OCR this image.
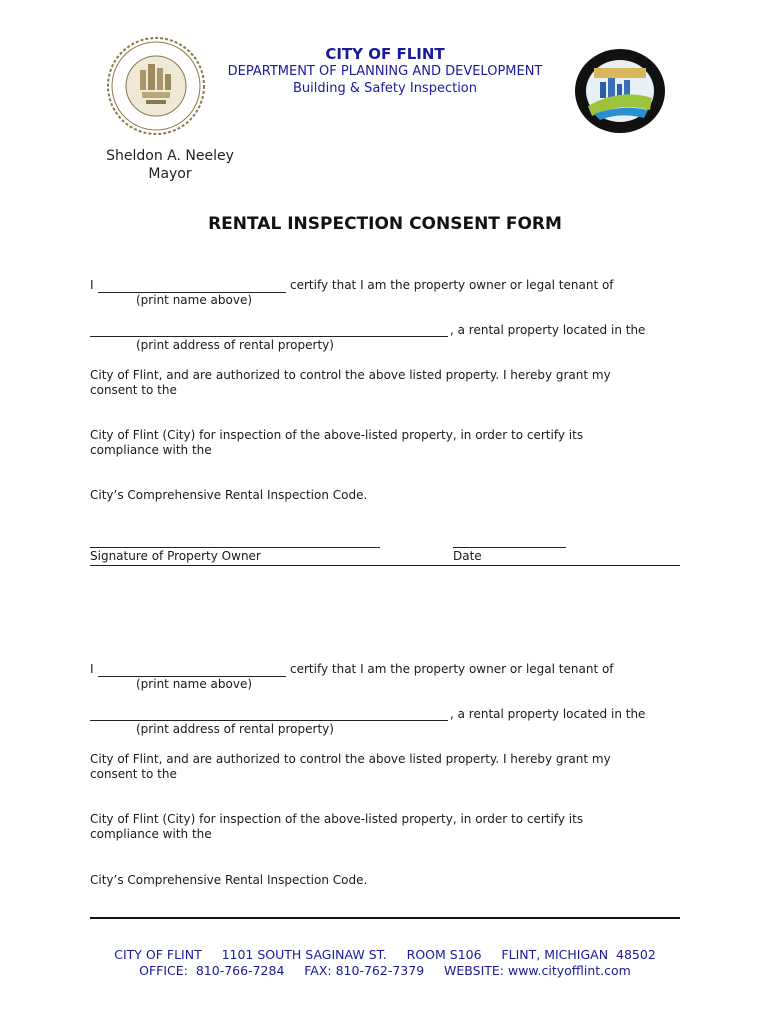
CITY OF FLINT
DEPARTMENT OF PLANNING AND DEVELOPMENT
Building & Safety Inspection
Sheldon A. Neeley
Mayor
RENTAL INSPECTION CONSENT FORM
I	certify that I am the property owner or legal tenant of
(print name above)
, a rental property located in the
(print address of rental property)
City of Flint, and are authorized to control the above listed property. I hereby grant my
consent to the
City of Flint (City) for inspection of the above-listed property, in order to certify its
compliance with the
City’s Comprehensive Rental Inspection Code.
Signature of Property Owner	Date
I	certify that I am the property owner or legal tenant of
(print name above)
, a rental property located in the
(print address of rental property)
City of Flint, and are authorized to control the above listed property. I hereby grant my
consent to the
City of Flint (City) for inspection of the above-listed property, in order to certify its
compliance with the
City’s Comprehensive Rental Inspection Code.
CITY OF FLINT     1101 SOUTH SAGINAW ST.     ROOM S106     FLINT, MICHIGAN  48502
OFFICE:  810-766-7284     FAX: 810-762-7379     WEBSITE: www.cityofflint.com
